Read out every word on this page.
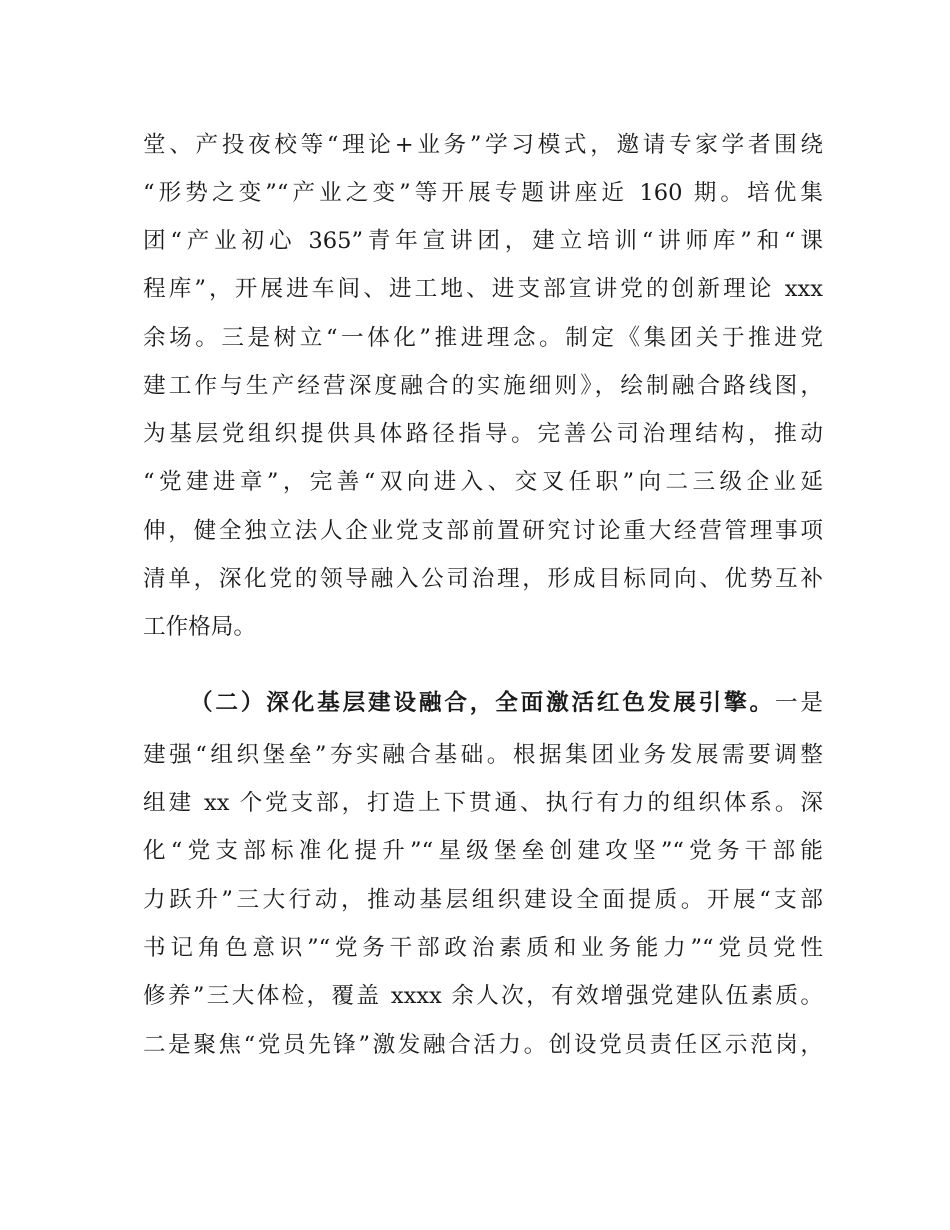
堂、产投夜校等“理论+业务”学习模式，邀请专家学者围绕
“形势之变”“产业之变”等开展专题讲座近 160 期。培优集
团“产业初心 365”青年宣讲团，建立培训“讲师库”和“课
程库”，开展进车间、进工地、进支部宣讲党的创新理论 xxx
余场。三是树立“一体化”推进理念。制定《集团关于推进党
建工作与生产经营深度融合的实施细则》，绘制融合路线图，
为基层党组织提供具体路径指导。完善公司治理结构，推动
“党建进章”，完善“双向进入、交叉任职”向二三级企业延
伸，健全独立法人企业党支部前置研究讨论重大经营管理事项
清单，深化党的领导融入公司治理，形成目标同向、优势互补
工作格局。
（二）深化基层建设融合，全面激活红色发展引擎。一是
建强“组织堡垒”夯实融合基础。根据集团业务发展需要调整
组建 xx 个党支部，打造上下贯通、执行有力的组织体系。深
化“党支部标准化提升”“星级堡垒创建攻坚”“党务干部能
力跃升”三大行动，推动基层组织建设全面提质。开展“支部
书记角色意识”“党务干部政治素质和业务能力”“党员党性
修养”三大体检，覆盖 xxxx 余人次，有效增强党建队伍素质。
二是聚焦“党员先锋”激发融合活力。创设党员责任区示范岗，
